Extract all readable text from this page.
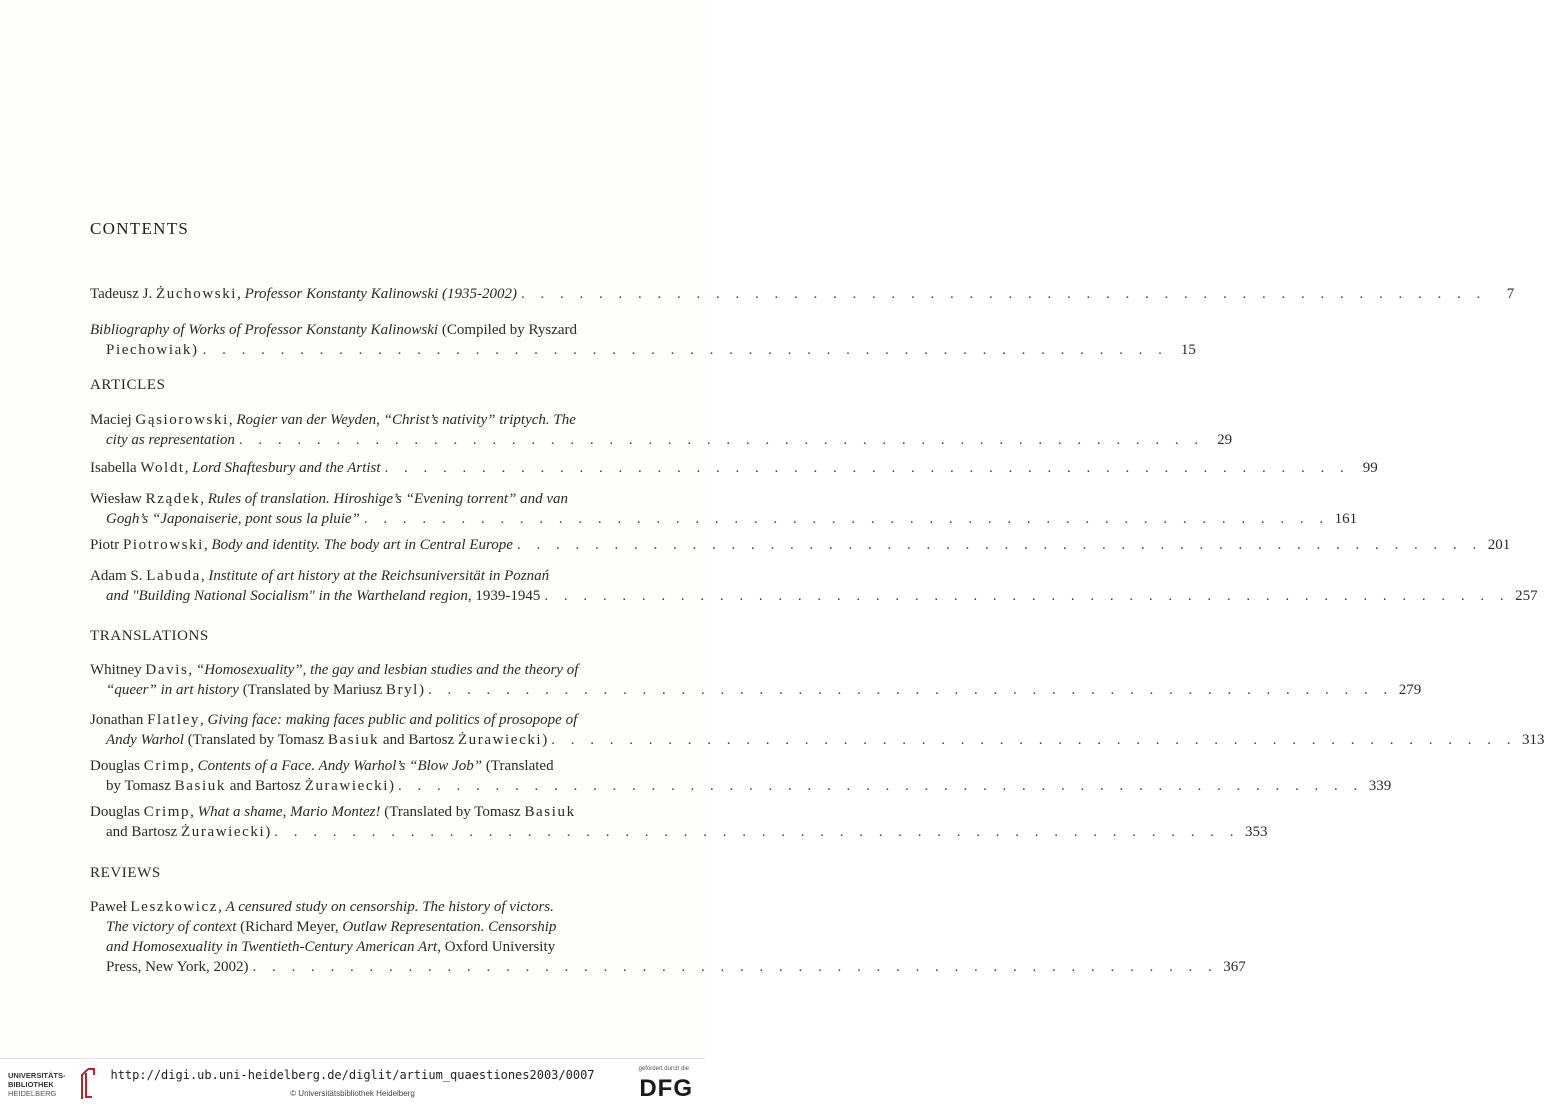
CONTENTS
Tadeusz J. Żuchowski, Professor Konstanty Kalinowski (1935-2002) . . . . . . . . . . . . . . . . . . . . . . . . . . . . . . . . . . . . . . . . . . . . . . . . . .	7
Bibliography of Works of Professor Konstanty Kalinowski (Compiled by Ryszard
Piechowiak) . . . . . . . . . . . . . . . . . . . . . . . . . . . . . . . . . . . . . . . . . . . . . . . . . . 15
ARTICLES
Maciej Gąsiorowski, Rogier van der Weyden, “Christ’s nativity” triptych. The
city as representation . . . . . . . . . . . . . . . . . . . . . . . . . . . . . . . . . . . . . . . . . . . . . . . . . . 29
Isabella Woldt, Lord Shaftesbury and the Artist . . . . . . . . . . . . . . . . . . . . . . . . . . . . . . . . . . . . . . . . . . . . . . . . . . 99
Wiesław Rządek, Rules of translation. Hiroshige’s “Evening torrent” and van
Gogh’s “Japonaiserie, pont sous la pluie” . . . . . . . . . . . . . . . . . . . . . . . . . . . . . . . . . . . . . . . . . . . . . . . . . . 161
Piotr Piotrowski, Body and identity. The body art in Central Europe . . . . . . . . . . . . . . . . . . . . . . . . . . . . . . . . . . . . . . . . . . . . . . . . . . 201
Adam S. Labuda, Institute of art history at the Reichsuniversität in Poznań
and "Building National Socialism" in the Wartheland region, 1939-1945 . . . . . . . . . . . . . . . . . . . . . . . . . . . . . . . . . . . . . . . . . . . . . . . . . . 257
TRANSLATIONS
Whitney Davis, “Homosexuality”, the gay and lesbian studies and the theory of
“queer” in art history (Translated by Mariusz Bryl) . . . . . . . . . . . . . . . . . . . . . . . . . . . . . . . . . . . . . . . . . . . . . . . . . . 279
Jonathan Flatley, Giving face: making faces public and politics of prosopope of
Andy Warhol (Translated by Tomasz Basiuk and Bartosz Żurawiecki) . . . . . . . . . . . . . . . . . . . . . . . . . . . . . . . . . . . . . . . . . . . . . . . . . . 313
Douglas Crimp, Contents of a Face. Andy Warhol’s “Blow Job” (Translated
by Tomasz Basiuk and Bartosz Żurawiecki) . . . . . . . . . . . . . . . . . . . . . . . . . . . . . . . . . . . . . . . . . . . . . . . . . . 339
Douglas Crimp, What a shame, Mario Montez! (Translated by Tomasz Basiuk
and Bartosz Żurawiecki) . . . . . . . . . . . . . . . . . . . . . . . . . . . . . . . . . . . . . . . . . . . . . . . . . . 353
REVIEWS
Paweł Leszkowicz, A censured study on censorship. The history of victors.
The victory of context (Richard Meyer, Outlaw Representation. Censorship
and Homosexuality in Twentieth-Century American Art, Oxford University
Press, New York, 2002) . . . . . . . . . . . . . . . . . . . . . . . . . . . . . . . . . . . . . . . . . . . . . . . . . . 367
UNIVERSITÄTS-
BIBLIOTHEK
HEIDELBERG
http://digi.ub.uni-heidelberg.de/diglit/artium_quaestiones2003/0007
© Universitätsbibliothek Heidelberg
gefördert durch die
DFG
